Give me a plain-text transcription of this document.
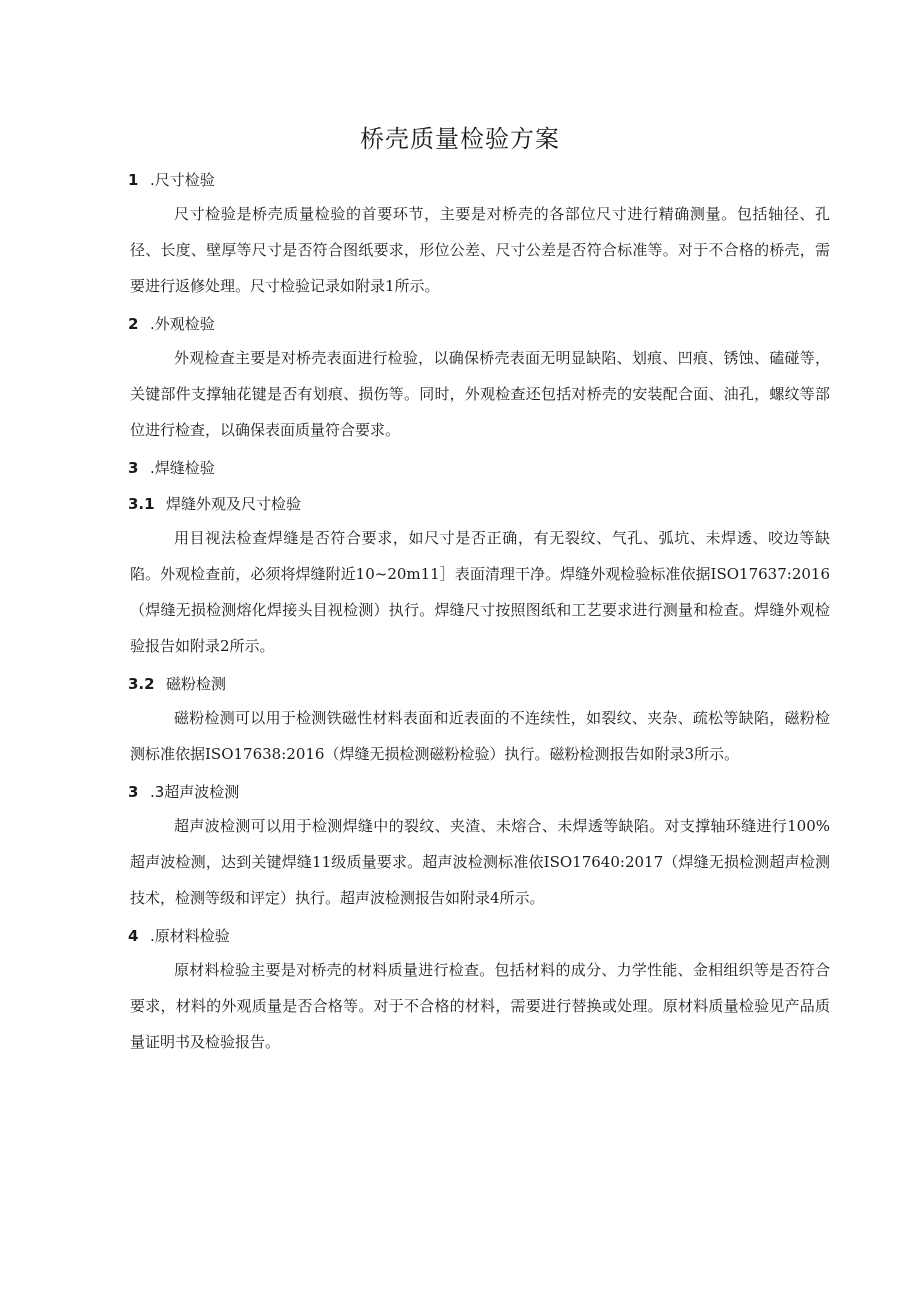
桥壳质量检验方案
1 .尺寸检验
尺寸检验是桥壳质量检验的首要环节，主要是对桥壳的各部位尺寸进行精确测量。包括轴径、孔径、长度、壁厚等尺寸是否符合图纸要求，形位公差、尺寸公差是否符合标准等。对于不合格的桥壳，需要进行返修处理。尺寸检验记录如附录1所示。
2 .外观检验
外观检查主要是对桥壳表面进行检验，以确保桥壳表面无明显缺陷、划痕、凹痕、锈蚀、磕碰等，关键部件支撑轴花键是否有划痕、损伤等。同时，外观检查还包括对桥壳的安装配合面、油孔，螺纹等部位进行检查，以确保表面质量符合要求。
3 .焊缝检验
3.1 焊缝外观及尺寸检验
用目视法检查焊缝是否符合要求，如尺寸是否正确，有无裂纹、气孔、弧坑、未焊透、咬边等缺陷。外观检查前，必须将焊缝附近10~20m11］表面清理干净。焊缝外观检验标准依据ISO17637:2016（焊缝无损检测熔化焊接头目视检测）执行。焊缝尺寸按照图纸和工艺要求进行测量和检查。焊缝外观检验报告如附录2所示。
3.2 磁粉检测
磁粉检测可以用于检测铁磁性材料表面和近表面的不连续性，如裂纹、夹杂、疏松等缺陷，磁粉检测标准依据ISO17638:2016（焊缝无损检测磁粉检验）执行。磁粉检测报告如附录3所示。
3 .3超声波检测
超声波检测可以用于检测焊缝中的裂纹、夹渣、未熔合、未焊透等缺陷。对支撑轴环缝进行100%超声波检测，达到关键焊缝11级质量要求。超声波检测标准依ISO17640:2017（焊缝无损检测超声检测技术，检测等级和评定）执行。超声波检测报告如附录4所示。
4 .原材料检验
原材料检验主要是对桥壳的材料质量进行检查。包括材料的成分、力学性能、金相组织等是否符合要求，材料的外观质量是否合格等。对于不合格的材料，需要进行替换或处理。原材料质量检验见产品质量证明书及检验报告。
